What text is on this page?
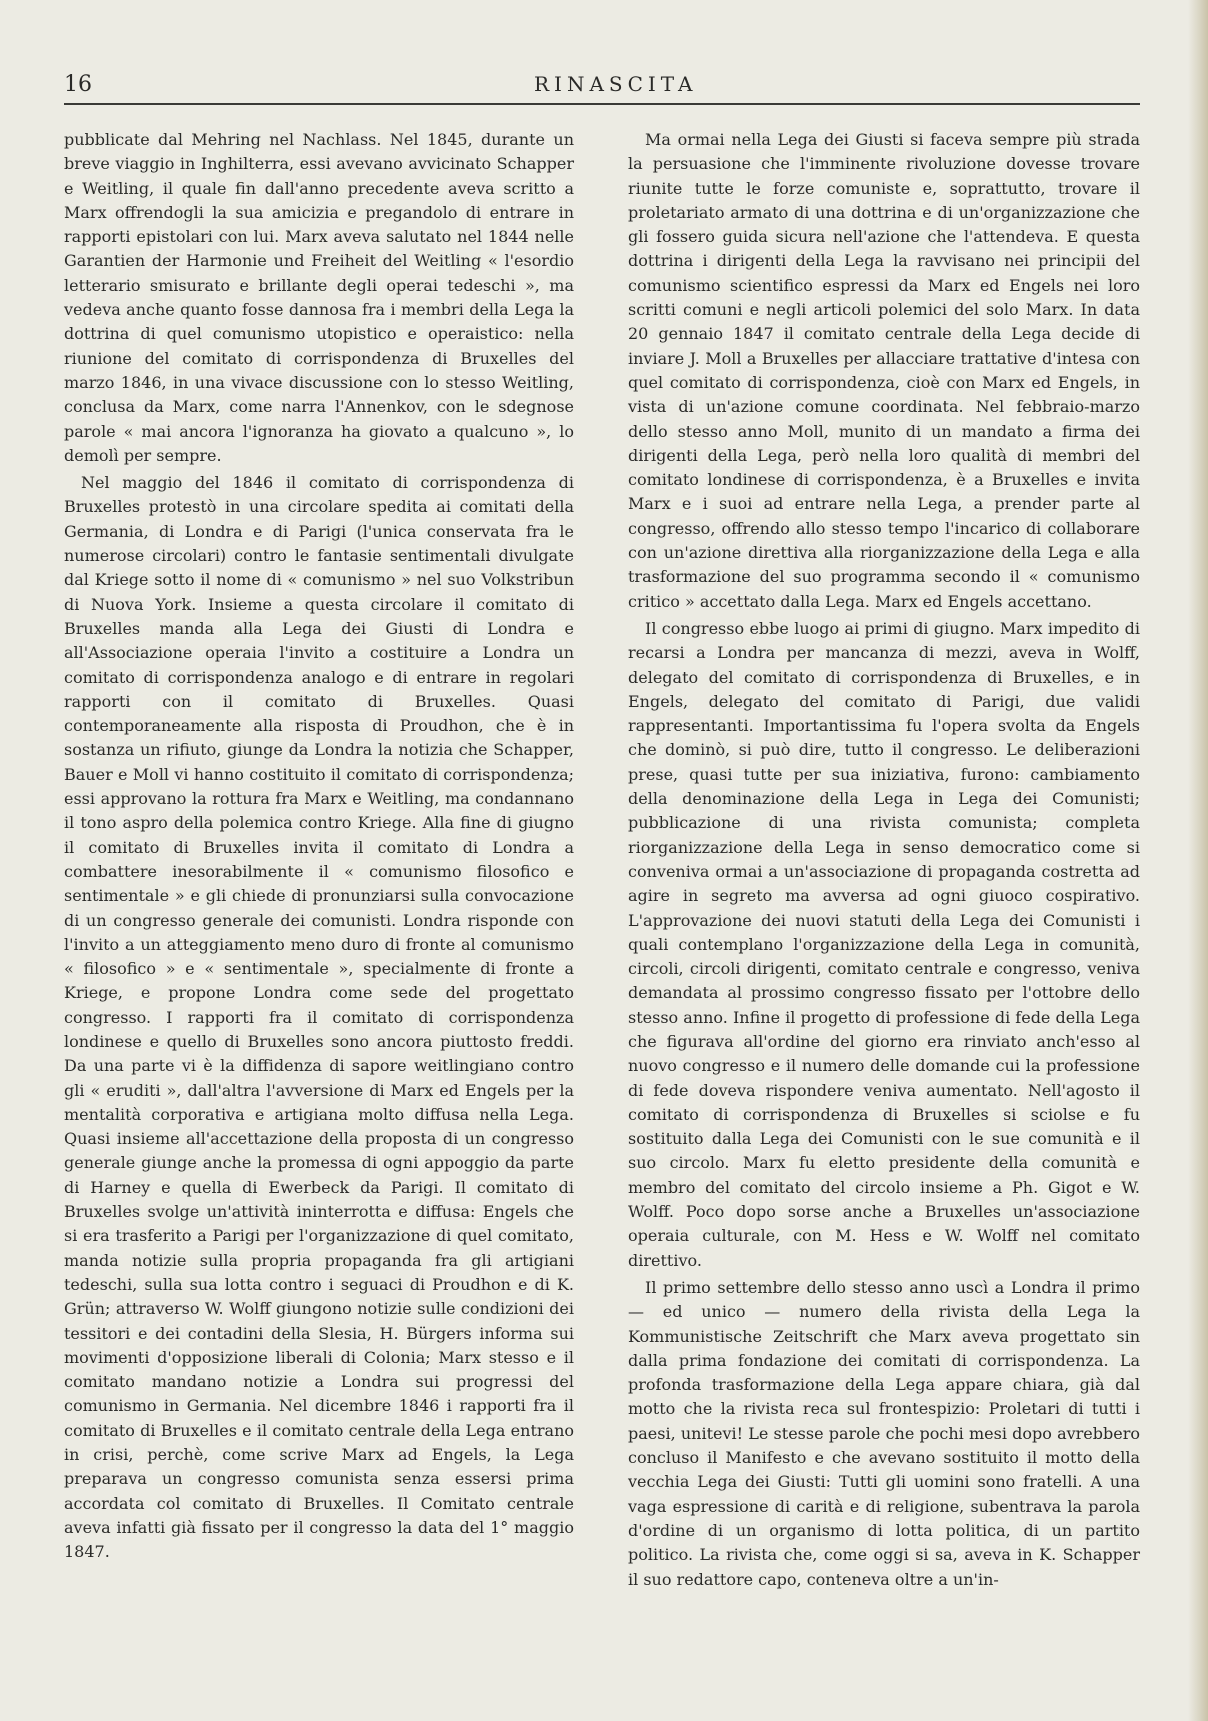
16	RINASCITA

pubblicate dal Mehring nel Nachlass. Nel 1845, durante un breve viaggio in Inghilterra, essi avevano avvicinato Schapper e Weitling, il quale fin dall'anno precedente aveva scritto a Marx offrendogli la sua amicizia e pregandolo di entrare in rapporti epistolari con lui. Marx aveva salutato nel 1844 nelle Garantien der Harmonie und Freiheit del Weitling « l'esordio letterario smisurato e brillante degli operai tedeschi », ma vedeva anche quanto fosse dannosa fra i membri della Lega la dottrina di quel comunismo utopistico e operaistico: nella riunione del comitato di corrispondenza di Bruxelles del marzo 1846, in una vivace discussione con lo stesso Weitling, conclusa da Marx, come narra l'Annenkov, con le sdegnose parole « mai ancora l'ignoranza ha giovato a qualcuno », lo demolì per sempre.

Nel maggio del 1846 il comitato di corrispondenza di Bruxelles protestò in una circolare spedita ai comitati della Germania, di Londra e di Parigi (l'unica conservata fra le numerose circolari) contro le fantasie sentimentali divulgate dal Kriege sotto il nome di « comunismo » nel suo Volkstribun di Nuova York. Insieme a questa circolare il comitato di Bruxelles manda alla Lega dei Giusti di Londra e all'Associazione operaia l'invito a costituire a Londra un comitato di corrispondenza analogo e di entrare in regolari rapporti con il comitato di Bruxelles. Quasi contemporaneamente alla risposta di Proudhon, che è in sostanza un rifiuto, giunge da Londra la notizia che Schapper, Bauer e Moll vi hanno costituito il comitato di corrispondenza; essi approvano la rottura fra Marx e Weitling, ma condannano il tono aspro della polemica contro Kriege. Alla fine di giugno il comitato di Bruxelles invita il comitato di Londra a combattere inesorabilmente il « comunismo filosofico e sentimentale » e gli chiede di pronunziarsi sulla convocazione di un congresso generale dei comunisti. Londra risponde con l'invito a un atteggiamento meno duro di fronte al comunismo « filosofico » e « sentimentale », specialmente di fronte a Kriege, e propone Londra come sede del progettato congresso. I rapporti fra il comitato di corrispondenza londinese e quello di Bruxelles sono ancora piuttosto freddi. Da una parte vi è la diffidenza di sapore weitlingiano contro gli « eruditi », dall'altra l'avversione di Marx ed Engels per la mentalità corporativa e artigiana molto diffusa nella Lega. Quasi insieme all'accettazione della proposta di un congresso generale giunge anche la promessa di ogni appoggio da parte di Harney e quella di Ewerbeck da Parigi. Il comitato di Bruxelles svolge un'attività ininterrotta e diffusa: Engels che si era trasferito a Parigi per l'organizzazione di quel comitato, manda notizie sulla propria propaganda fra gli artigiani tedeschi, sulla sua lotta contro i seguaci di Proudhon e di K. Grün; attraverso W. Wolff giungono notizie sulle condizioni dei tessitori e dei contadini della Slesia, H. Bürgers informa sui movimenti d'opposizione liberali di Colonia; Marx stesso e il comitato mandano notizie a Londra sui progressi del comunismo in Germania. Nel dicembre 1846 i rapporti fra il comitato di Bruxelles e il comitato centrale della Lega entrano in crisi, perchè, come scrive Marx ad Engels, la Lega preparava un congresso comunista senza essersi prima accordata col comitato di Bruxelles. Il Comitato centrale aveva infatti già fissato per il congresso la data del 1° maggio 1847.

Ma ormai nella Lega dei Giusti si faceva sempre più strada la persuasione che l'imminente rivoluzione dovesse trovare riunite tutte le forze comuniste e, soprattutto, trovare il proletariato armato di una dottrina e di un'organizzazione che gli fossero guida sicura nell'azione che l'attendeva. E questa dottrina i dirigenti della Lega la ravvisano nei principii del comunismo scientifico espressi da Marx ed Engels nei loro scritti comuni e negli articoli polemici del solo Marx. In data 20 gennaio 1847 il comitato centrale della Lega decide di inviare J. Moll a Bruxelles per allacciare trattative d'intesa con quel comitato di corrispondenza, cioè con Marx ed Engels, in vista di un'azione comune coordinata. Nel febbraio-marzo dello stesso anno Moll, munito di un mandato a firma dei dirigenti della Lega, però nella loro qualità di membri del comitato londinese di corrispondenza, è a Bruxelles e invita Marx e i suoi ad entrare nella Lega, a prender parte al congresso, offrendo allo stesso tempo l'incarico di collaborare con un'azione direttiva alla riorganizzazione della Lega e alla trasformazione del suo programma secondo il « comunismo critico » accettato dalla Lega. Marx ed Engels accettano.

Il congresso ebbe luogo ai primi di giugno. Marx impedito di recarsi a Londra per mancanza di mezzi, aveva in Wolff, delegato del comitato di corrispondenza di Bruxelles, e in Engels, delegato del comitato di Parigi, due validi rappresentanti. Importantissima fu l'opera svolta da Engels che dominò, si può dire, tutto il congresso. Le deliberazioni prese, quasi tutte per sua iniziativa, furono: cambiamento della denominazione della Lega in Lega dei Comunisti; pubblicazione di una rivista comunista; completa riorganizzazione della Lega in senso democratico come si conveniva ormai a un'associazione di propaganda costretta ad agire in segreto ma avversa ad ogni giuoco cospirativo. L'approvazione dei nuovi statuti della Lega dei Comunisti i quali contemplano l'organizzazione della Lega in comunità, circoli, circoli dirigenti, comitato centrale e congresso, veniva demandata al prossimo congresso fissato per l'ottobre dello stesso anno. Infine il progetto di professione di fede della Lega che figurava all'ordine del giorno era rinviato anch'esso al nuovo congresso e il numero delle domande cui la professione di fede doveva rispondere veniva aumentato. Nell'agosto il comitato di corrispondenza di Bruxelles si sciolse e fu sostituito dalla Lega dei Comunisti con le sue comunità e il suo circolo. Marx fu eletto presidente della comunità e membro del comitato del circolo insieme a Ph. Gigot e W. Wolff. Poco dopo sorse anche a Bruxelles un'associazione operaia culturale, con M. Hess e W. Wolff nel comitato direttivo.

Il primo settembre dello stesso anno uscì a Londra il primo — ed unico — numero della rivista della Lega la Kommunistische Zeitschrift che Marx aveva progettato sin dalla prima fondazione dei comitati di corrispondenza. La profonda trasformazione della Lega appare chiara, già dal motto che la rivista reca sul frontespizio: Proletari di tutti i paesi, unitevi! Le stesse parole che pochi mesi dopo avrebbero concluso il Manifesto e che avevano sostituito il motto della vecchia Lega dei Giusti: Tutti gli uomini sono fratelli. A una vaga espressione di carità e di religione, subentrava la parola d'ordine di un organismo di lotta politica, di un partito politico. La rivista che, come oggi si sa, aveva in K. Schapper il suo redattore capo, conteneva oltre a un'in-
